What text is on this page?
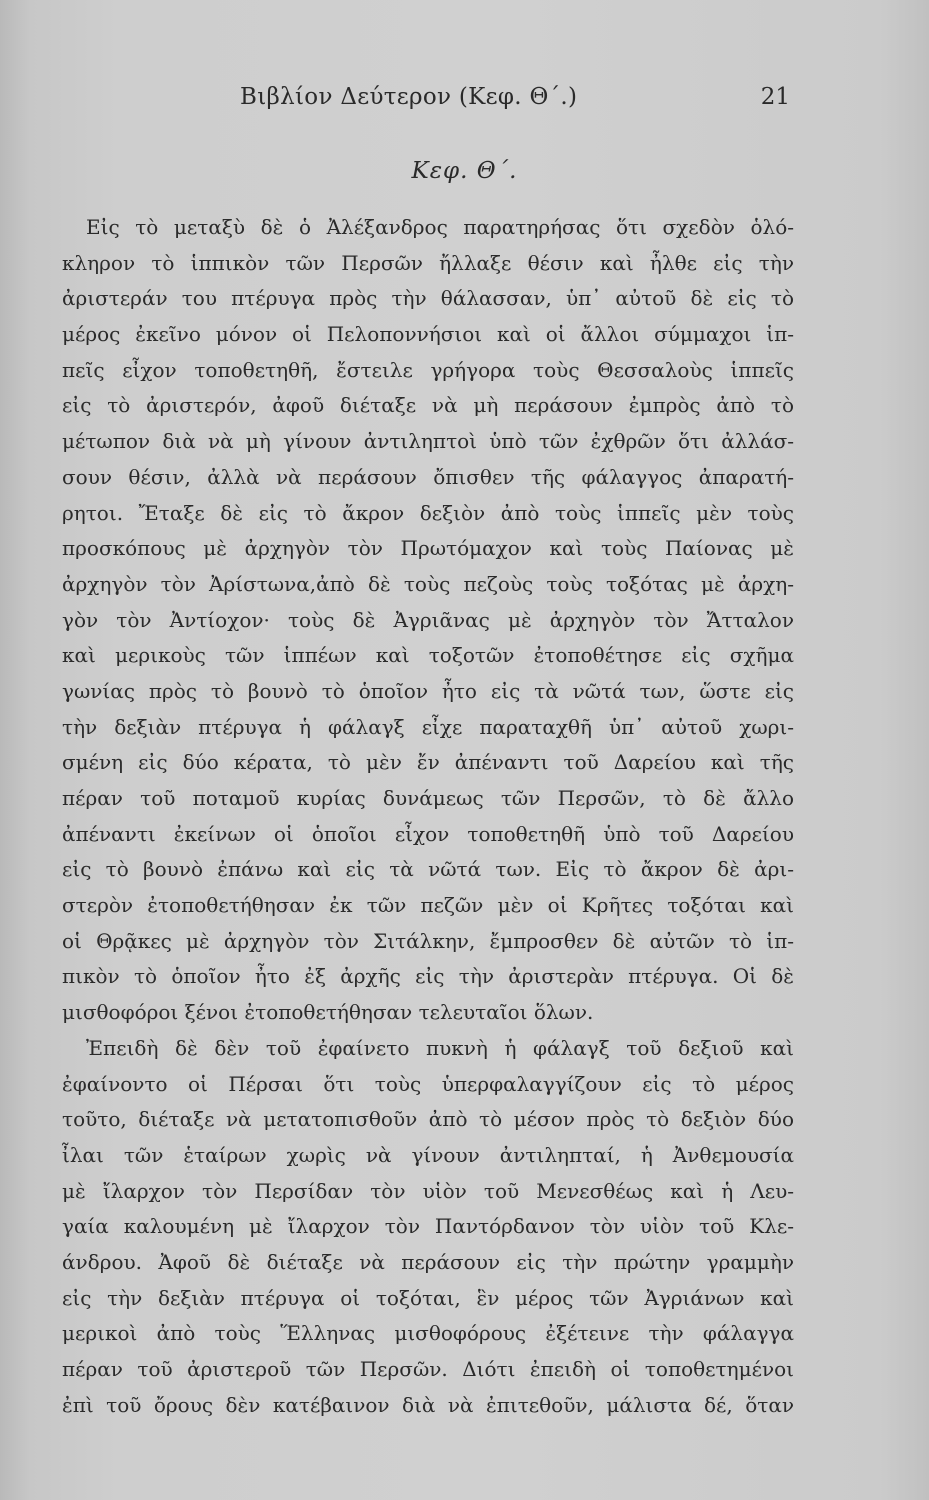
Βιβλίον Δεύτερον (Κεφ. Θ΄.)	21
Κεφ. Θ΄.
Εἰς τὸ μεταξὺ δὲ ὁ Ἀλέξανδρος παρατηρήσας ὅτι σχεδὸν ὁλό-
κληρον τὸ ἱππικὸν τῶν Περσῶν ἤλλαξε θέσιν καὶ ἦλθε εἰς τὴν
ἀριστεράν του πτέρυγα πρὸς τὴν θάλασσαν, ὑπ᾽ αὐτοῦ δὲ εἰς τὸ
μέρος ἐκεῖνο μόνον οἱ Πελοποννήσιοι καὶ οἱ ἄλλοι σύμμαχοι ἱπ-
πεῖς εἶχον τοποθετηθῆ, ἔστειλε γρήγορα τοὺς Θεσσαλοὺς ἱππεῖς
εἰς τὸ ἀριστερόν, ἀφοῦ διέταξε νὰ μὴ περάσουν ἐμπρὸς ἀπὸ τὸ
μέτωπον διὰ νὰ μὴ γίνουν ἀντιληπτοὶ ὑπὸ τῶν ἐχθρῶν ὅτι ἀλλάσ-
σουν θέσιν, ἀλλὰ νὰ περάσουν ὄπισθεν τῆς φάλαγγος ἀπαρατή-
ρητοι. Ἔταξε δὲ εἰς τὸ ἄκρον δεξιὸν ἀπὸ τοὺς ἱππεῖς μὲν τοὺς
προσκόπους μὲ ἀρχηγὸν τὸν Πρωτόμαχον καὶ τοὺς Παίονας μὲ
ἀρχηγὸν τὸν Ἀρίστωνα,ἀπὸ δὲ τοὺς πεζοὺς τοὺς τοξότας μὲ ἀρχη-
γὸν τὸν Ἀντίοχον· τοὺς δὲ Ἀγριᾶνας μὲ ἀρχηγὸν τὸν Ἄτταλον
καὶ μερικοὺς τῶν ἱππέων καὶ τοξοτῶν ἐτοποθέτησε εἰς σχῆμα
γωνίας πρὸς τὸ βουνὸ τὸ ὁποῖον ἦτο εἰς τὰ νῶτά των, ὥστε εἰς
τὴν δεξιὰν πτέρυγα ἡ φάλαγξ εἶχε παραταχθῆ ὑπ᾽ αὐτοῦ χωρι-
σμένη εἰς δύο κέρατα, τὸ μὲν ἔν ἀπέναντι τοῦ Δαρείου καὶ τῆς
πέραν τοῦ ποταμοῦ κυρίας δυνάμεως τῶν Περσῶν, τὸ δὲ ἄλλο
ἀπέναντι ἐκείνων οἱ ὁποῖοι εἶχον τοποθετηθῆ ὑπὸ τοῦ Δαρείου
εἰς τὸ βουνὸ ἐπάνω καὶ εἰς τὰ νῶτά των. Εἰς τὸ ἄκρον δὲ ἀρι-
στερὸν ἐτοποθετήθησαν ἐκ τῶν πεζῶν μὲν οἱ Κρῆτες τοξόται καὶ
οἱ Θρᾷκες μὲ ἀρχηγὸν τὸν Σιτάλκην, ἔμπροσθεν δὲ αὐτῶν τὸ ἱπ-
πικὸν τὸ ὁποῖον ἦτο ἐξ ἀρχῆς εἰς τὴν ἀριστερὰν πτέρυγα. Οἱ δὲ
μισθοφόροι ξένοι ἐτοποθετήθησαν τελευταῖοι ὅλων.
Ἐπειδὴ δὲ δὲν τοῦ ἐφαίνετο πυκνὴ ἡ φάλαγξ τοῦ δεξιοῦ καὶ
ἐφαίνοντο οἱ Πέρσαι ὅτι τοὺς ὑπερφαλαγγίζουν εἰς τὸ μέρος
τοῦτο, διέταξε νὰ μετατοπισθοῦν ἀπὸ τὸ μέσον πρὸς τὸ δεξιὸν δύο
ἶλαι τῶν ἑταίρων χωρὶς νὰ γίνουν ἀντιληπταί, ἡ Ἀνθεμουσία
μὲ ἴλαρχον τὸν Περσίδαν τὸν υἱὸν τοῦ Μενεσθέως καὶ ἡ Λευ-
γαία καλουμένη μὲ ἴλαρχον τὸν Παντόρδανον τὸν υἱὸν τοῦ Κλε-
άνδρου. Ἀφοῦ δὲ διέταξε νὰ περάσουν εἰς τὴν πρώτην γραμμὴν
εἰς τὴν δεξιὰν πτέρυγα οἱ τοξόται, ἓν μέρος τῶν Ἀγριάνων καὶ
μερικοὶ ἀπὸ τοὺς Ἕλληνας μισθοφόρους ἐξέτεινε τὴν φάλαγγα
πέραν τοῦ ἀριστεροῦ τῶν Περσῶν. Διότι ἐπειδὴ οἱ τοποθετημένοι
ἐπὶ τοῦ ὄρους δὲν κατέβαινον διὰ νὰ ἐπιτεθοῦν, μάλιστα δέ, ὅταν
